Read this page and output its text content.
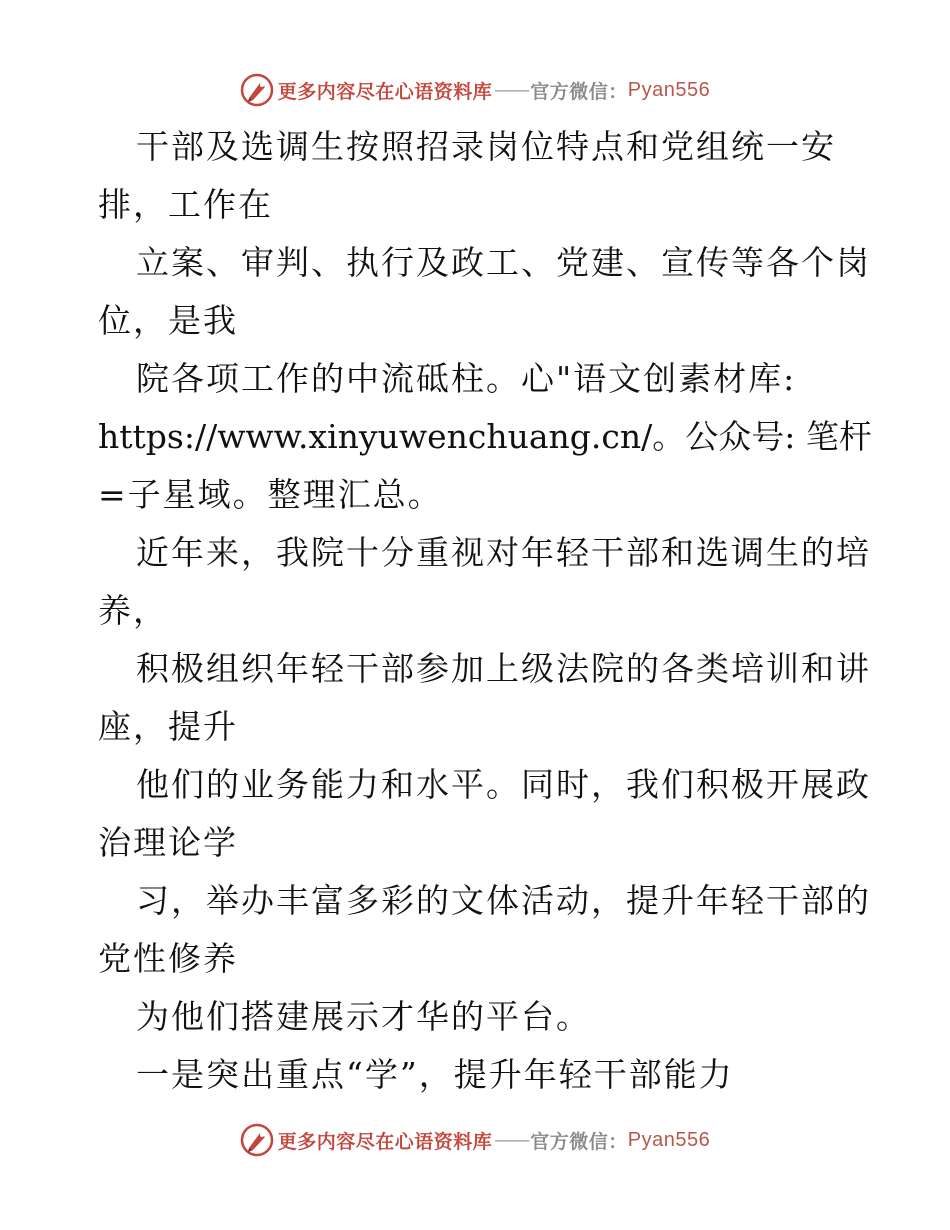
更多内容尽在心语资料库 —— 官方微信： Pyan556
干部及选调生按照招录岗位特点和党组统一安
排，工作在
立案、审判、执行及政工、党建、宣传等各个岗
位，是我
院各项工作的中流砥柱。心"语文创素材库:
https://www.xinyuwenchuang.cn/。公众号: 笔杆
=子星域。整理汇总。
近年来，我院十分重视对年轻干部和选调生的培
养，
积极组织年轻干部参加上级法院的各类培训和讲
座，提升
他们的业务能力和水平。同时，我们积极开展政
治理论学
习，举办丰富多彩的文体活动，提升年轻干部的
党性修养
为他们搭建展示才华的平台。
一是突出重点“学”，提升年轻干部能力
更多内容尽在心语资料库 —— 官方微信： Pyan556
